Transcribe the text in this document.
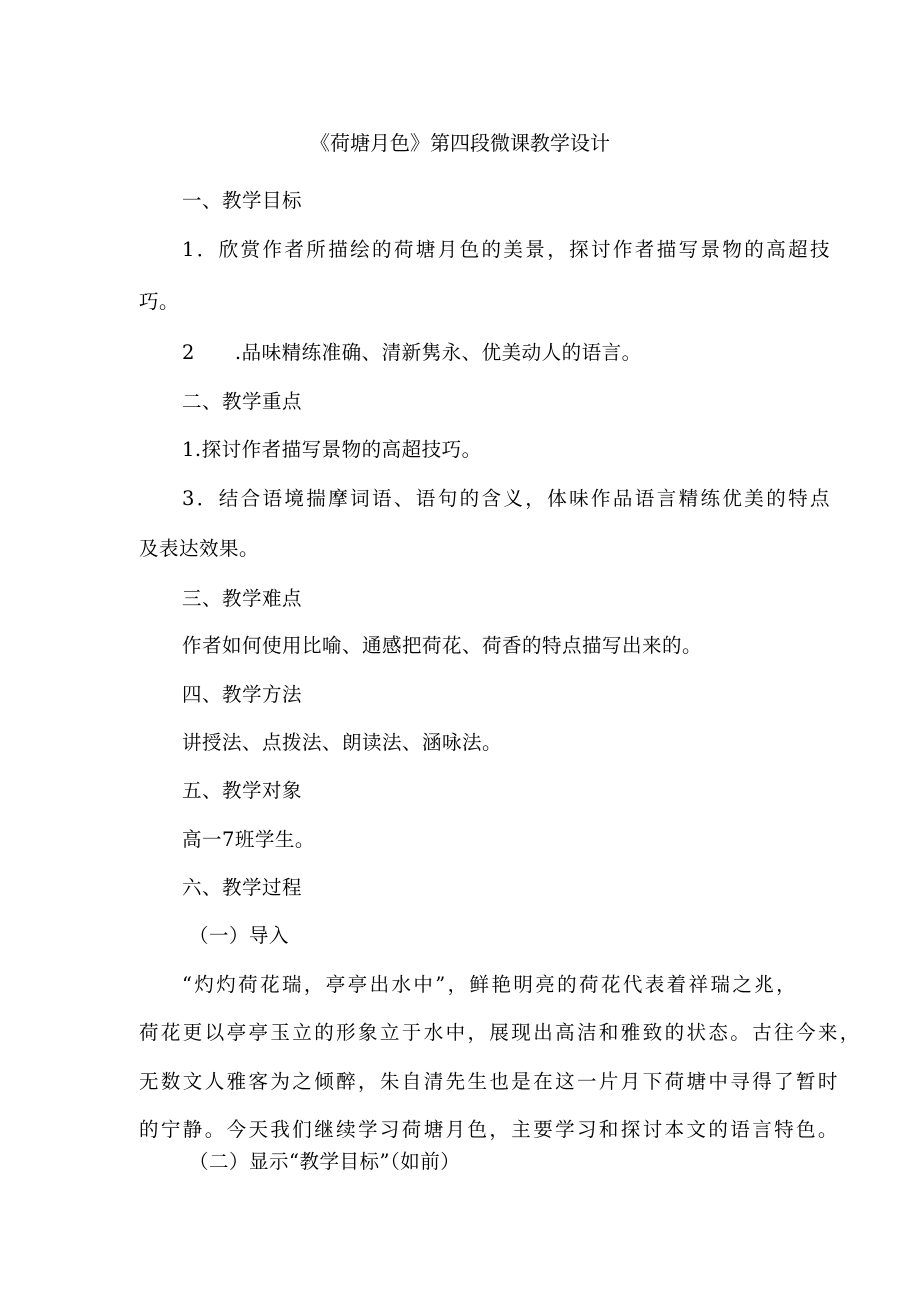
《荷塘月色》第四段微课教学设计
一、教学目标
1．欣赏作者所描绘的荷塘月色的美景，探讨作者描写景物的高超技
巧。
2　　.品味精练准确、清新隽永、优美动人的语言。
二、教学重点
1.探讨作者描写景物的高超技巧。
3．结合语境揣摩词语、语句的含义，体味作品语言精练优美的特点
及表达效果。
三、教学难点
作者如何使用比喻、通感把荷花、荷香的特点描写出来的。
四、教学方法
讲授法、点拨法、朗读法、涵咏法。
五、教学对象
高一7班学生。
六、教学过程
（一）导入
“灼灼荷花瑞，亭亭出水中”，鲜艳明亮的荷花代表着祥瑞之兆，
荷花更以亭亭玉立的形象立于水中，展现出高洁和雅致的状态。古往今来，
无数文人雅客为之倾醉，朱自清先生也是在这一片月下荷塘中寻得了暂时
的宁静。今天我们继续学习荷塘月色，主要学习和探讨本文的语言特色。
（二）显示“教学目标”（如前）
